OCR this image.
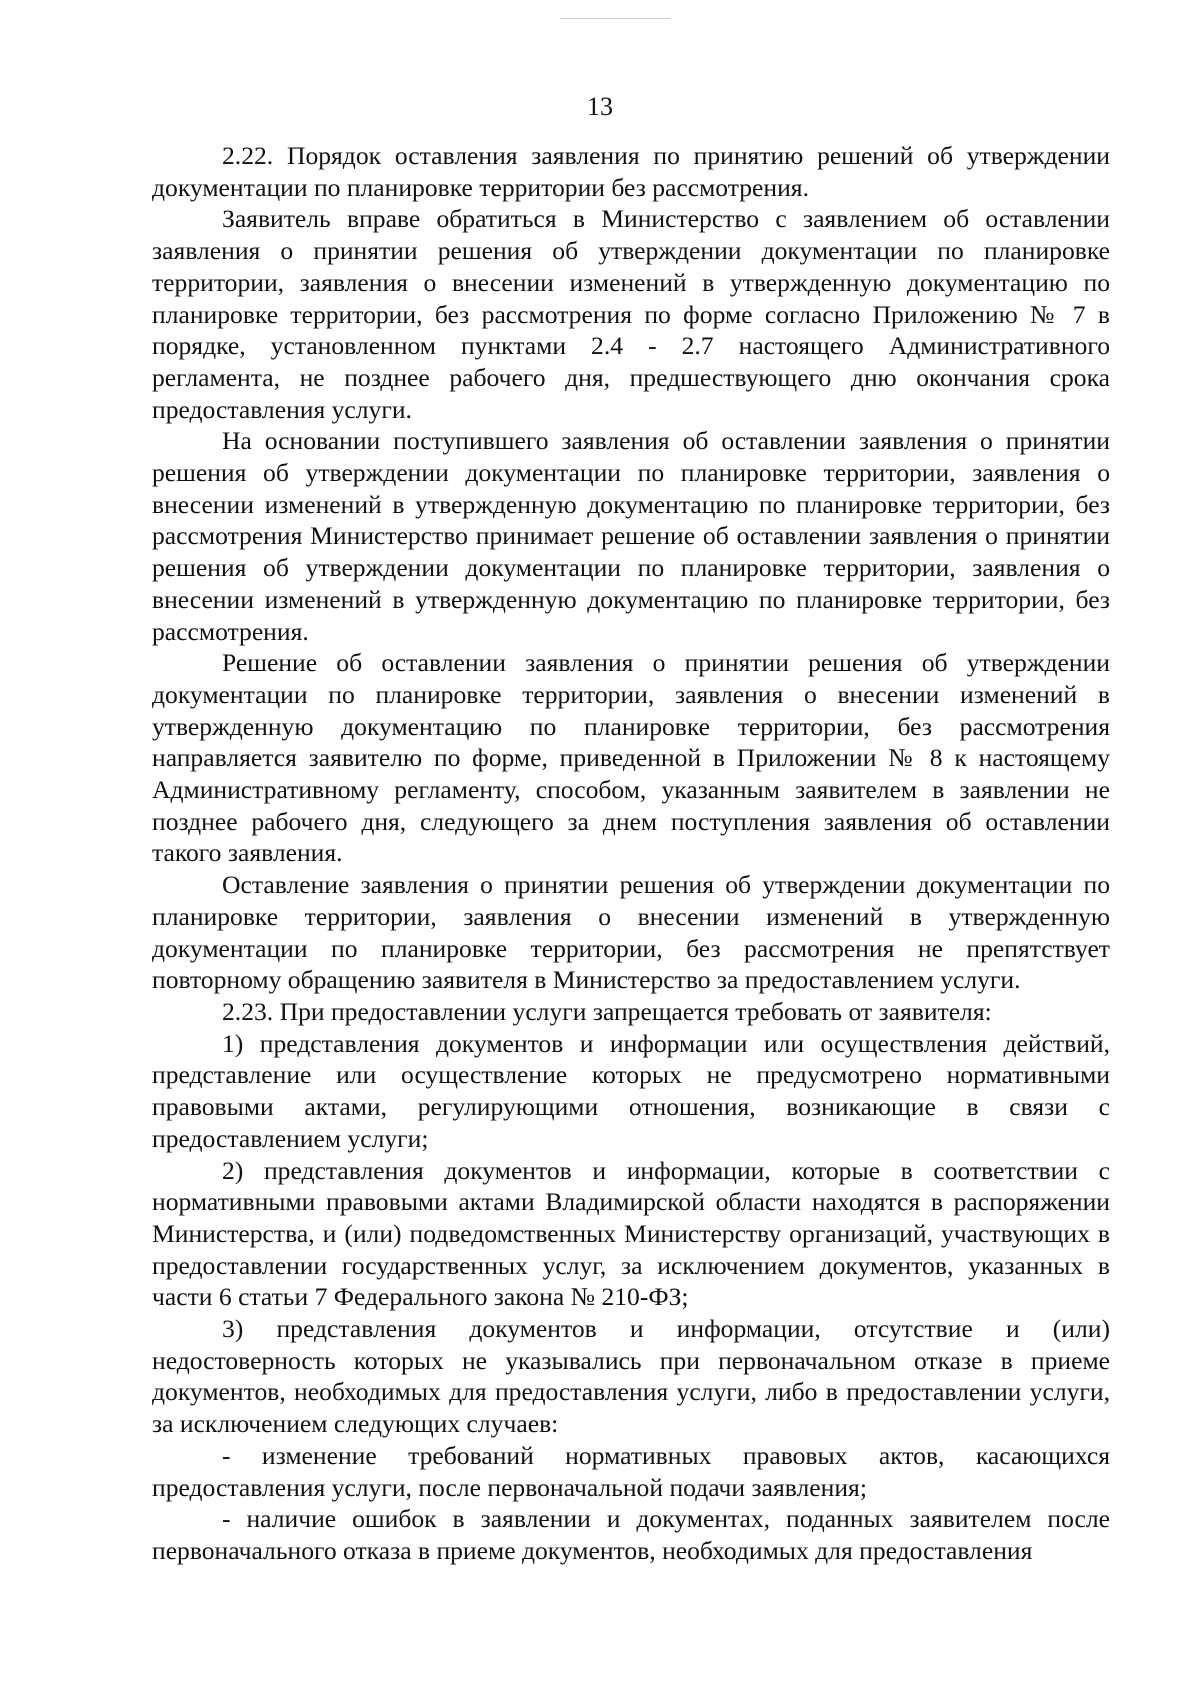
13

2.22. Порядок оставления заявления по принятию решений об утверждении документации по планировке территории без рассмотрения.

Заявитель вправе обратиться в Министерство с заявлением об оставлении заявления о принятии решения об утверждении документации по планировке территории, заявления о внесении изменений в утвержденную документацию по планировке территории, без рассмотрения по форме согласно Приложению № 7 в порядке, установленном пунктами 2.4 - 2.7 настоящего Административного регламента, не позднее рабочего дня, предшествующего дню окончания срока предоставления услуги.

На основании поступившего заявления об оставлении заявления о принятии решения об утверждении документации по планировке территории, заявления о внесении изменений в утвержденную документацию по планировке территории, без рассмотрения Министерство принимает решение об оставлении заявления о принятии решения об утверждении документации по планировке территории, заявления о внесении изменений в утвержденную документацию по планировке территории, без рассмотрения.

Решение об оставлении заявления о принятии решения об утверждении документации по планировке территории, заявления о внесении изменений в утвержденную документацию по планировке территории, без рассмотрения направляется заявителю по форме, приведенной в Приложении № 8 к настоящему Административному регламенту, способом, указанным заявителем в заявлении не позднее рабочего дня, следующего за днем поступления заявления об оставлении такого заявления.

Оставление заявления о принятии решения об утверждении документации по планировке территории, заявления о внесении изменений в утвержденную документации по планировке территории, без рассмотрения не препятствует повторному обращению заявителя в Министерство за предоставлением услуги.

2.23. При предоставлении услуги запрещается требовать от заявителя:

1) представления документов и информации или осуществления действий, представление или осуществление которых не предусмотрено нормативными правовыми актами, регулирующими отношения, возникающие в связи с предоставлением услуги;

2) представления документов и информации, которые в соответствии с нормативными правовыми актами Владимирской области находятся в распоряжении Министерства, и (или) подведомственных Министерству организаций, участвующих в предоставлении государственных услуг, за исключением документов, указанных в части 6 статьи 7 Федерального закона № 210-ФЗ;

3) представления документов и информации, отсутствие и (или) недостоверность которых не указывались при первоначальном отказе в приеме документов, необходимых для предоставления услуги, либо в предоставлении услуги, за исключением следующих случаев:

- изменение требований нормативных правовых актов, касающихся предоставления услуги, после первоначальной подачи заявления;

- наличие ошибок в заявлении и документах, поданных заявителем после первоначального отказа в приеме документов, необходимых для предоставления
